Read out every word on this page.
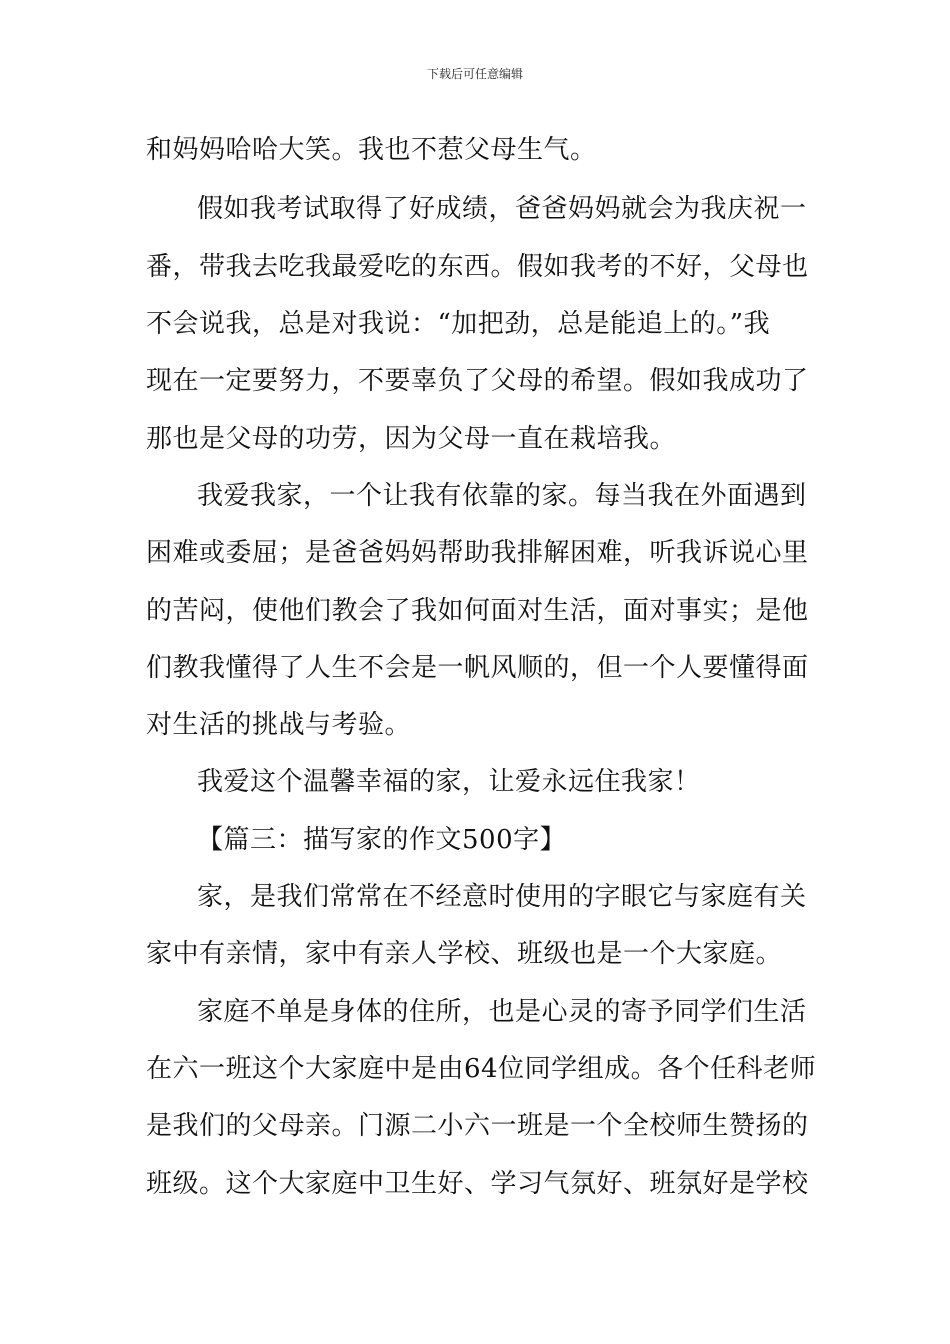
下载后可任意编辑
和妈妈哈哈大笑。我也不惹父母生气。
假如我考试取得了好成绩，爸爸妈妈就会为我庆祝一
番，带我去吃我最爱吃的东西。假如我考的不好，父母也
不会说我，总是对我说：“加把劲，总是能追上的。”我
现在一定要努力，不要辜负了父母的希望。假如我成功了
那也是父母的功劳，因为父母一直在栽培我。
我爱我家，一个让我有依靠的家。每当我在外面遇到
困难或委屈；是爸爸妈妈帮助我排解困难，听我诉说心里
的苦闷，使他们教会了我如何面对生活，面对事实；是他
们教我懂得了人生不会是一帆风顺的，但一个人要懂得面
对生活的挑战与考验。
我爱这个温馨幸福的家，让爱永远住我家！
【篇三：描写家的作文500字】
家，是我们常常在不经意时使用的字眼它与家庭有关
家中有亲情，家中有亲人学校、班级也是一个大家庭。
家庭不单是身体的住所，也是心灵的寄予同学们生活
在六一班这个大家庭中是由64位同学组成。各个任科老师
是我们的父母亲。门源二小六一班是一个全校师生赞扬的
班级。这个大家庭中卫生好、学习气氛好、班氛好是学校
